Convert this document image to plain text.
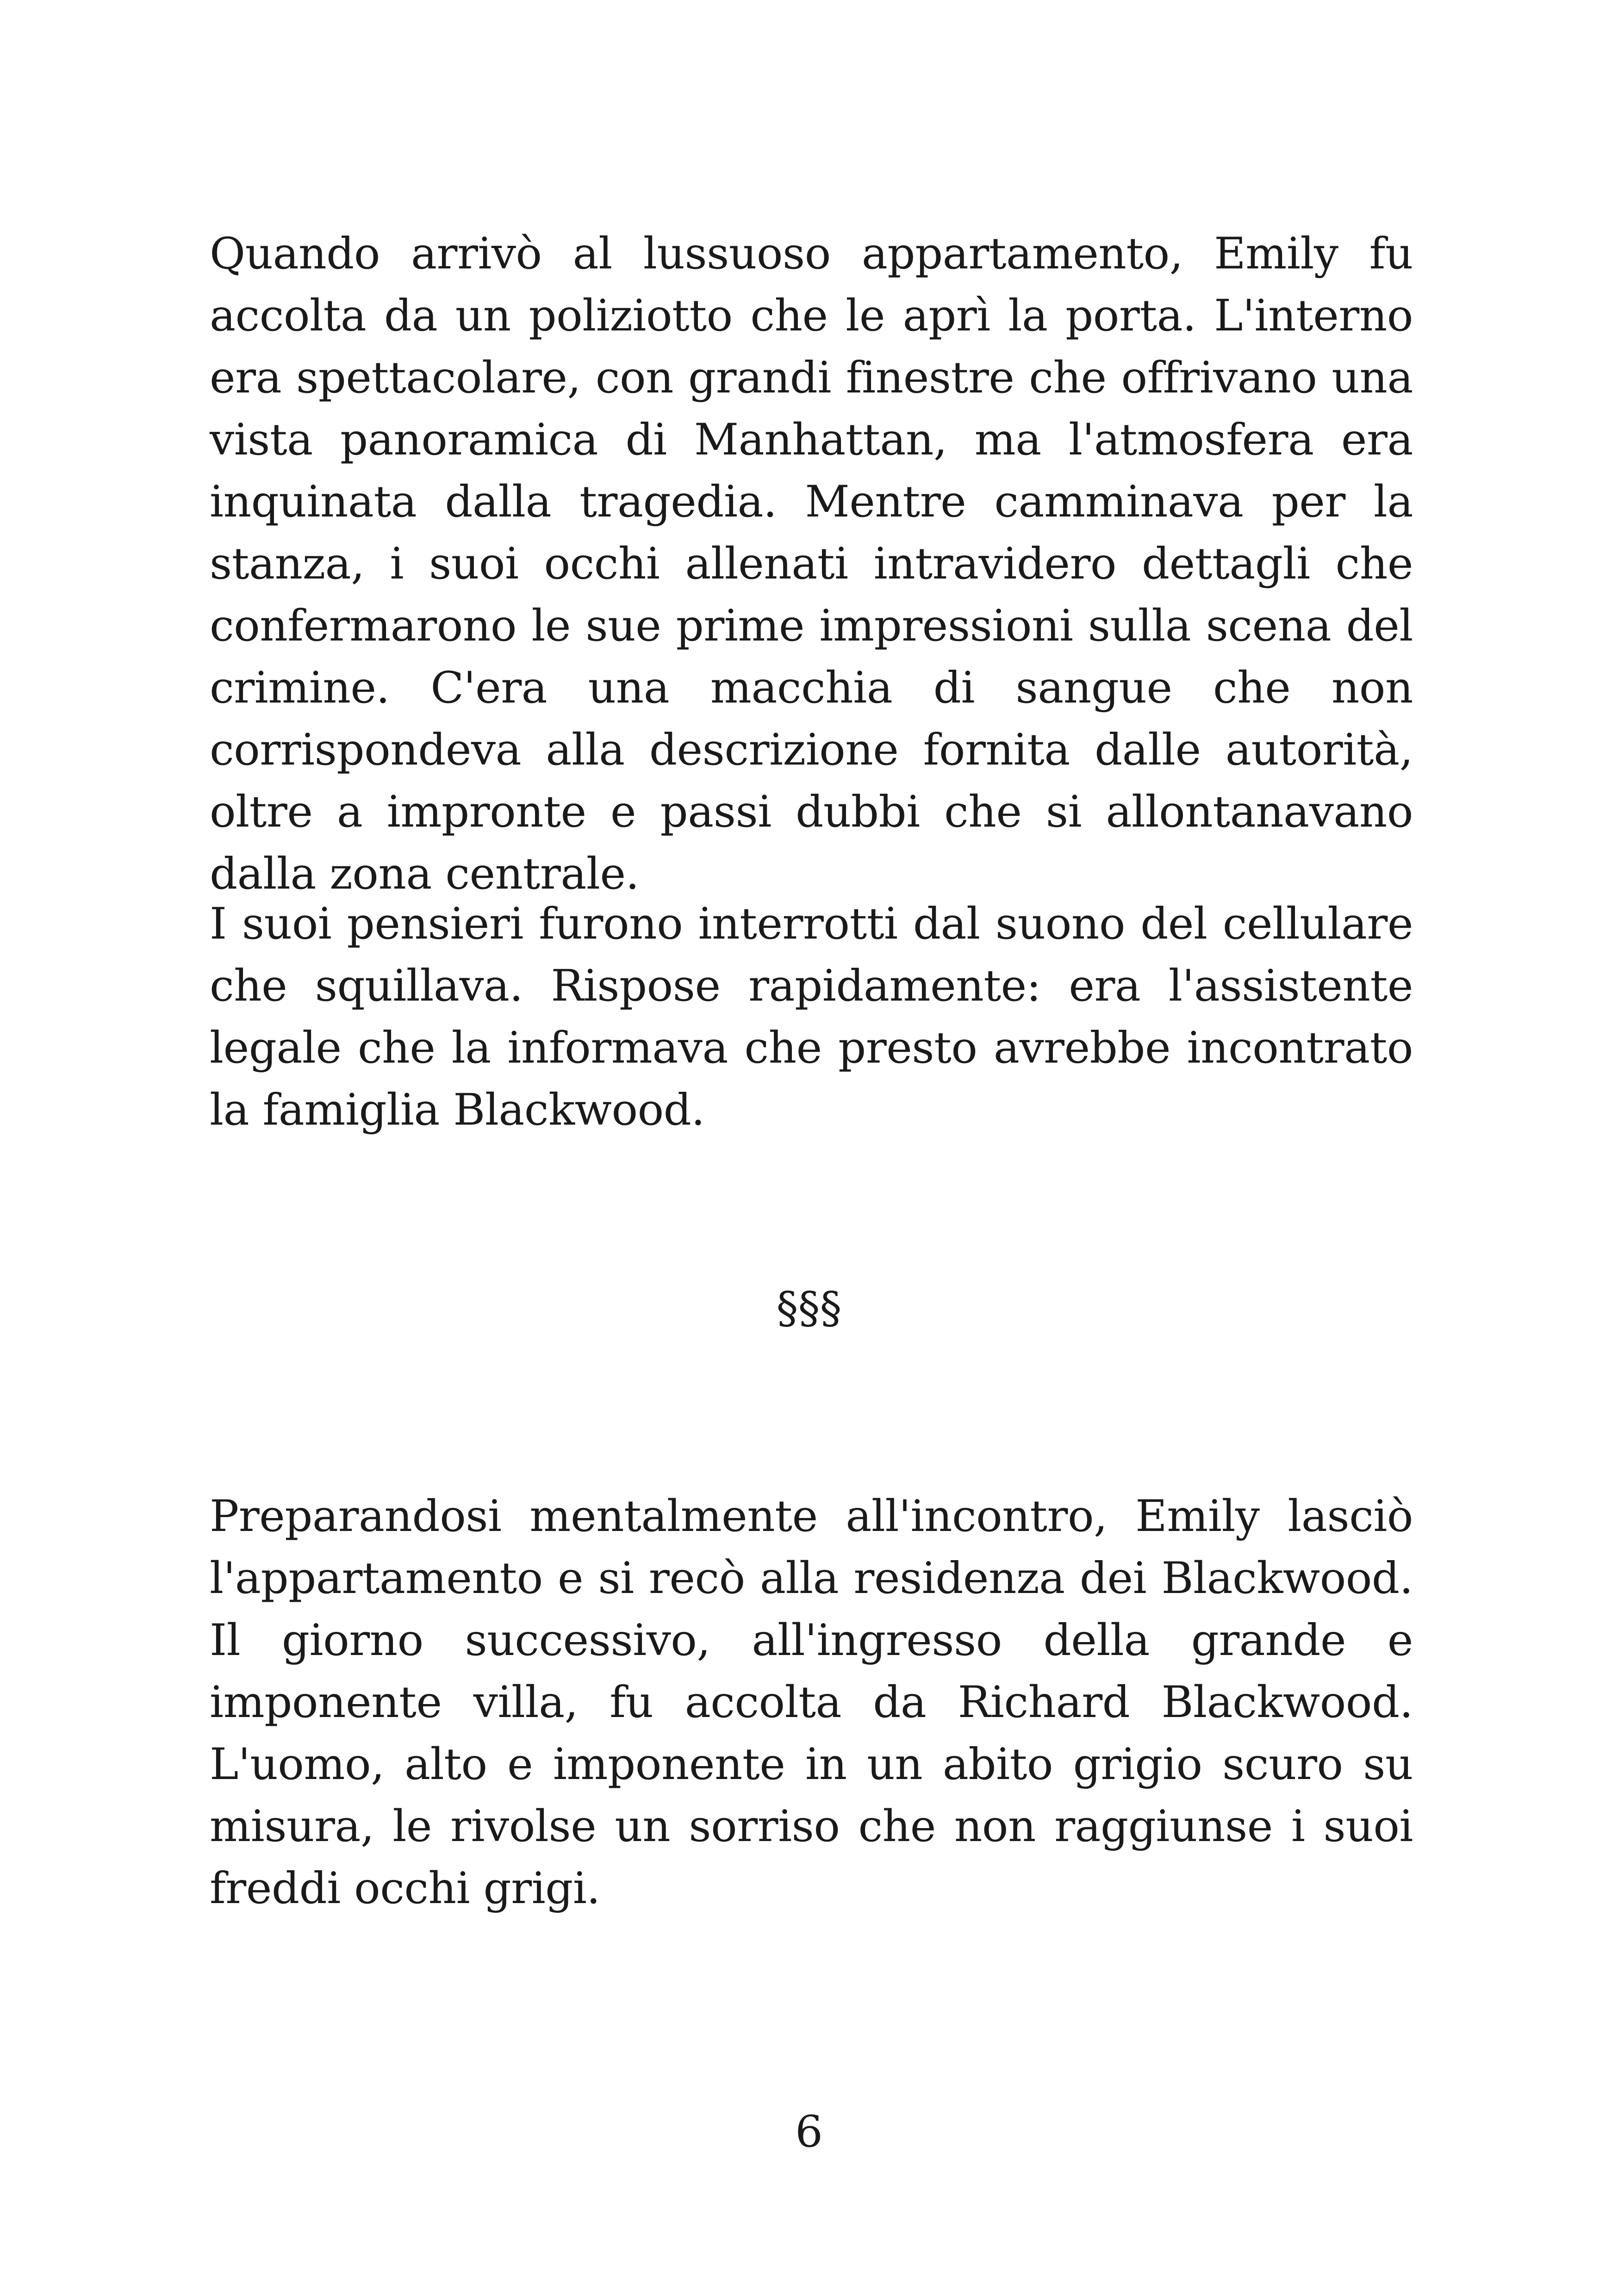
Quando arrivò al lussuoso appartamento, Emily fu accolta da un poliziotto che le aprì la porta. L'interno era spettacolare, con grandi finestre che offrivano una vista panoramica di Manhattan, ma l'atmosfera era inquinata dalla tragedia. Mentre camminava per la stanza, i suoi occhi allenati intravidero dettagli che confermarono le sue prime impressioni sulla scena del crimine. C'era una macchia di sangue che non corrispondeva alla descrizione fornita dalle autorità, oltre a impronte e passi dubbi che si allontanavano dalla zona centrale.

I suoi pensieri furono interrotti dal suono del cellulare che squillava. Rispose rapidamente: era l'assistente legale che la informava che presto avrebbe incontrato la famiglia Blackwood.

§§§

Preparandosi mentalmente all'incontro, Emily lasciò l'appartamento e si recò alla residenza dei Blackwood. Il giorno successivo, all'ingresso della grande e imponente villa, fu accolta da Richard Blackwood. L'uomo, alto e imponente in un abito grigio scuro su misura, le rivolse un sorriso che non raggiunse i suoi freddi occhi grigi.

6
